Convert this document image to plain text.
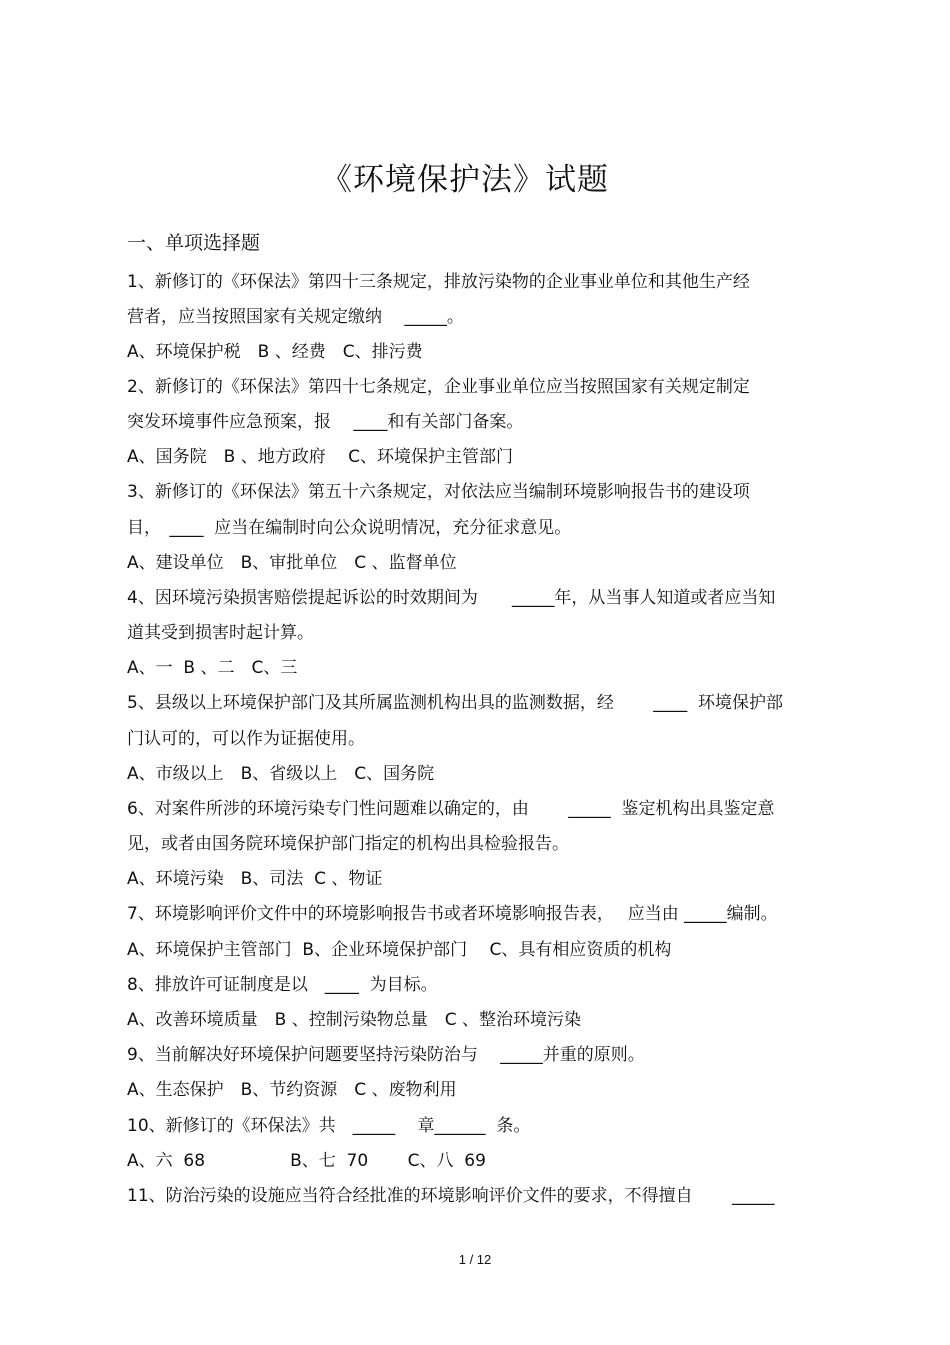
《环境保护法》试题

一、单项选择题

1、新修订的《环保法》第四十三条规定，排放污染物的企业事业单位和其他生产经

营者，应当按照国家有关规定缴纳　 _____。

A、环境保护税　B 、经费　C、排污费

2、新修订的《环保法》第四十七条规定，企业事业单位应当按照国家有关规定制定

突发环境事件应急预案，报　 ____和有关部门备案。

A、国务院　B 、地方政府　 C、环境保护主管部门

3、新修订的《环保法》第五十六条规定，对依法应当编制环境影响报告书的建设项

目，　____  应当在编制时向公众说明情况，充分征求意见。

A、建设单位　B、审批单位　C 、监督单位

4、因环境污染损害赔偿提起诉讼的时效期间为　　_____年，从当事人知道或者应当知

道其受到损害时起计算。

A、一  B 、二　C、三

5、县级以上环境保护部门及其所属监测机构出具的监测数据，经　　 ____  环境保护部

门认可的，可以作为证据使用。

A、市级以上　B、省级以上　C、国务院

6、对案件所涉的环境污染专门性问题难以确定的，由　　 _____  鉴定机构出具鉴定意

见，或者由国务院环境保护部门指定的机构出具检验报告。

A、环境污染　B、司法  C 、物证

7、环境影响评价文件中的环境影响报告书或者环境影响报告表，　 应当由 _____编制。

A、环境保护主管部门  B、企业环境保护部门　 C、具有相应资质的机构

8、排放许可证制度是以　____  为目标。

A、改善环境质量　B 、控制污染物总量　C 、整治环境污染

9、当前解决好环境保护问题要坚持污染防治与　 _____并重的原则。

A、生态保护　B、节约资源　C 、废物利用

10、新修订的《环保法》共　_____　 章______  条。

A、六  68　　　　　B、七  70　　 C、八  69

11、防治污染的设施应当符合经批准的环境影响评价文件的要求，不得擅自　　 _____

1 / 12
